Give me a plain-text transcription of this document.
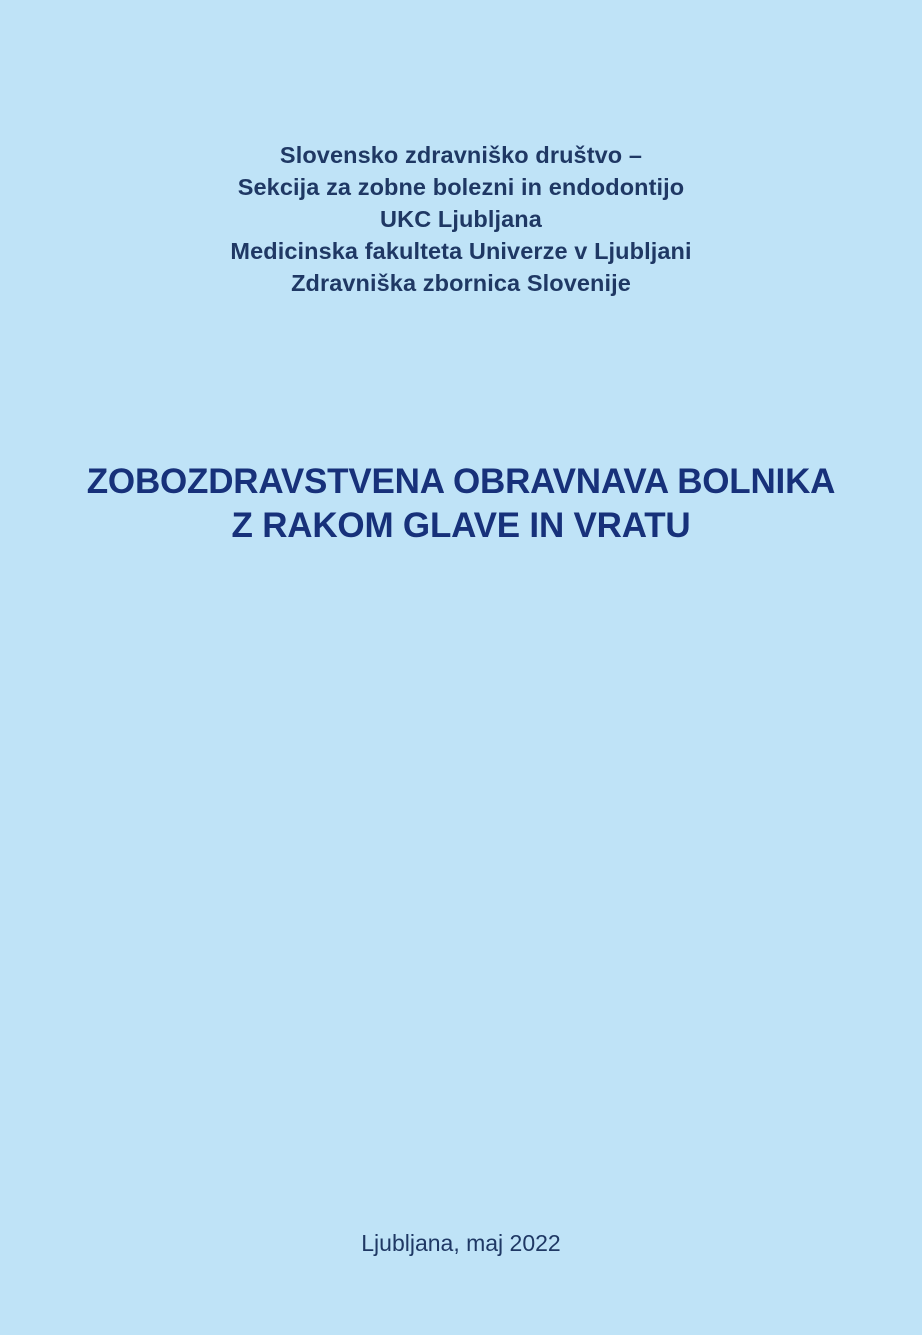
Slovensko zdravniško društvo –
Sekcija za zobne bolezni in endodontijo
UKC Ljubljana
Medicinska fakulteta Univerze v Ljubljani
Zdravniška zbornica Slovenije
ZOBOZDRAVSTVENA OBRAVNAVA BOLNIKA
Z RAKOM GLAVE IN VRATU
Ljubljana, maj 2022
